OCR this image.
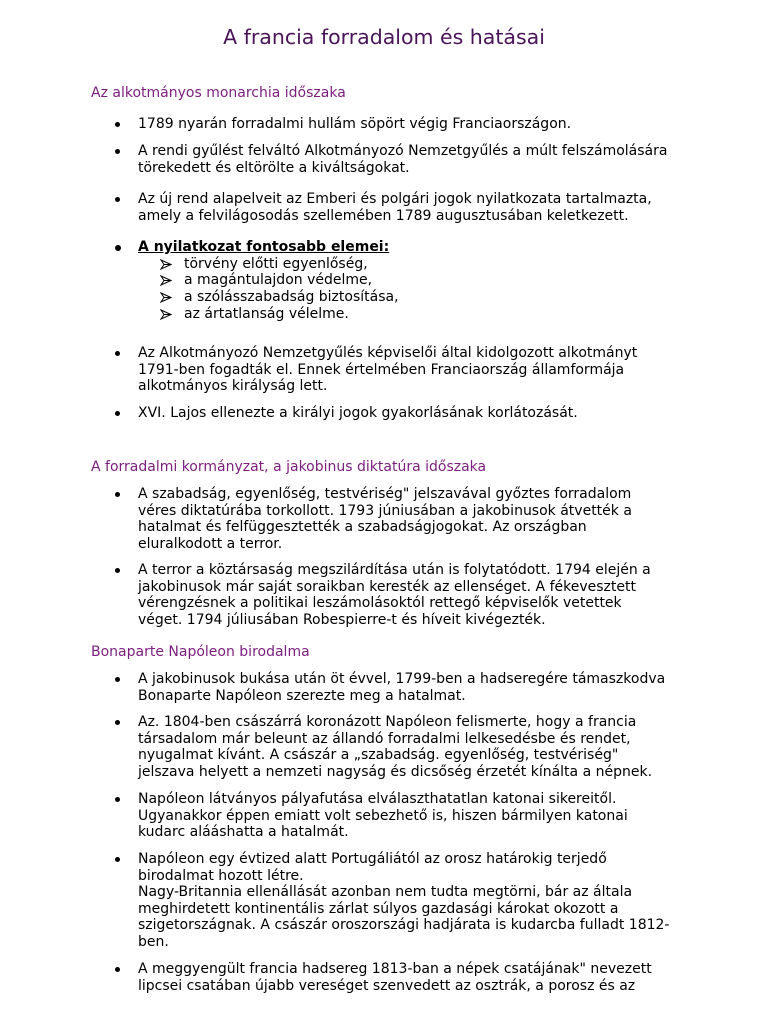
A francia forradalom és hatásai
Az alkotmányos monarchia időszaka
1789 nyarán forradalmi hullám söpört végig Franciaországon.
A rendi gyűlést felváltó Alkotmányozó Nemzetgyűlés a múlt felszámolására
törekedett és eltörölte a kiváltságokat.
Az új rend alapelveit az Emberi és polgári jogok nyilatkozata tartalmazta,
amely a felvilágosodás szellemében 1789 augusztusában keletkezett.
A nyilatkozat fontosabb elemei:
törvény előtti egyenlőség,
a magántulajdon védelme,
a szólásszabadság biztosítása,
az ártatlanság vélelme.
Az Alkotmányozó Nemzetgyűlés képviselői által kidolgozott alkotmányt
1791-ben fogadták el. Ennek értelmében Franciaország államformája
alkotmányos királyság lett.
XVI. Lajos ellenezte a királyi jogok gyakorlásának korlátozását.
A forradalmi kormányzat, a jakobinus diktatúra időszaka
A szabadság, egyenlőség, testvériség" jelszavával győztes forradalom
véres diktatúrába torkollott. 1793 júniusában a jakobinusok átvették a
hatalmat és felfüggesztették a szabadságjogokat. Az országban
eluralkodott a terror.
A terror a köztársaság megszilárdítása után is folytatódott. 1794 elején a
jakobinusok már saját soraikban keresték az ellenséget. A fékevesztett
vérengzésnek a politikai leszámolásoktól rettegő képviselők vetettek
véget. 1794 júliusában Robespierre-t és híveit kivégezték.
Bonaparte Napóleon birodalma
A jakobinusok bukása után öt évvel, 1799-ben a hadseregére támaszkodva
Bonaparte Napóleon szerezte meg a hatalmat.
Az. 1804-ben császárrá koronázott Napóleon felismerte, hogy a francia
társadalom már beleunt az állandó forradalmi lelkesedésbe és rendet,
nyugalmat kívánt. A császár a „szabadság. egyenlőség, testvériség"
jelszava helyett a nemzeti nagyság és dicsőség érzetét kínálta a népnek.
Napóleon látványos pályafutása elválaszthatatlan katonai sikereitől.
Ugyanakkor éppen emiatt volt sebezhető is, hiszen bármilyen katonai
kudarc alááshatta a hatalmát.
Napóleon egy évtized alatt Portugáliától az orosz határokig terjedő
birodalmat hozott létre.
Nagy-Britannia ellenállását azonban nem tudta megtörni, bár az általa
meghirdetett kontinentális zárlat súlyos gazdasági károkat okozott a
szigetországnak. A császár oroszországi hadjárata is kudarcba fulladt 1812-
ben.
A meggyengült francia hadsereg 1813-ban a népek csatájának" nevezett
lipcsei csatában újabb vereséget szenvedett az osztrák, a porosz és az
